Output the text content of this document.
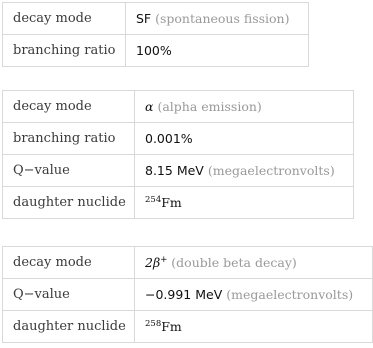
decay mode	SF (spontaneous fission)
branching ratio	100%
decay mode	α (alpha emission)
branching ratio	0.001%
Q−value	8.15 MeV (megaelectronvolts)
daughter nuclide	$^{254}$Fm
decay mode	2β+ (double beta decay)
Q−value	−0.991 MeV (megaelectronvolts)
daughter nuclide	$^{258}$Fm
